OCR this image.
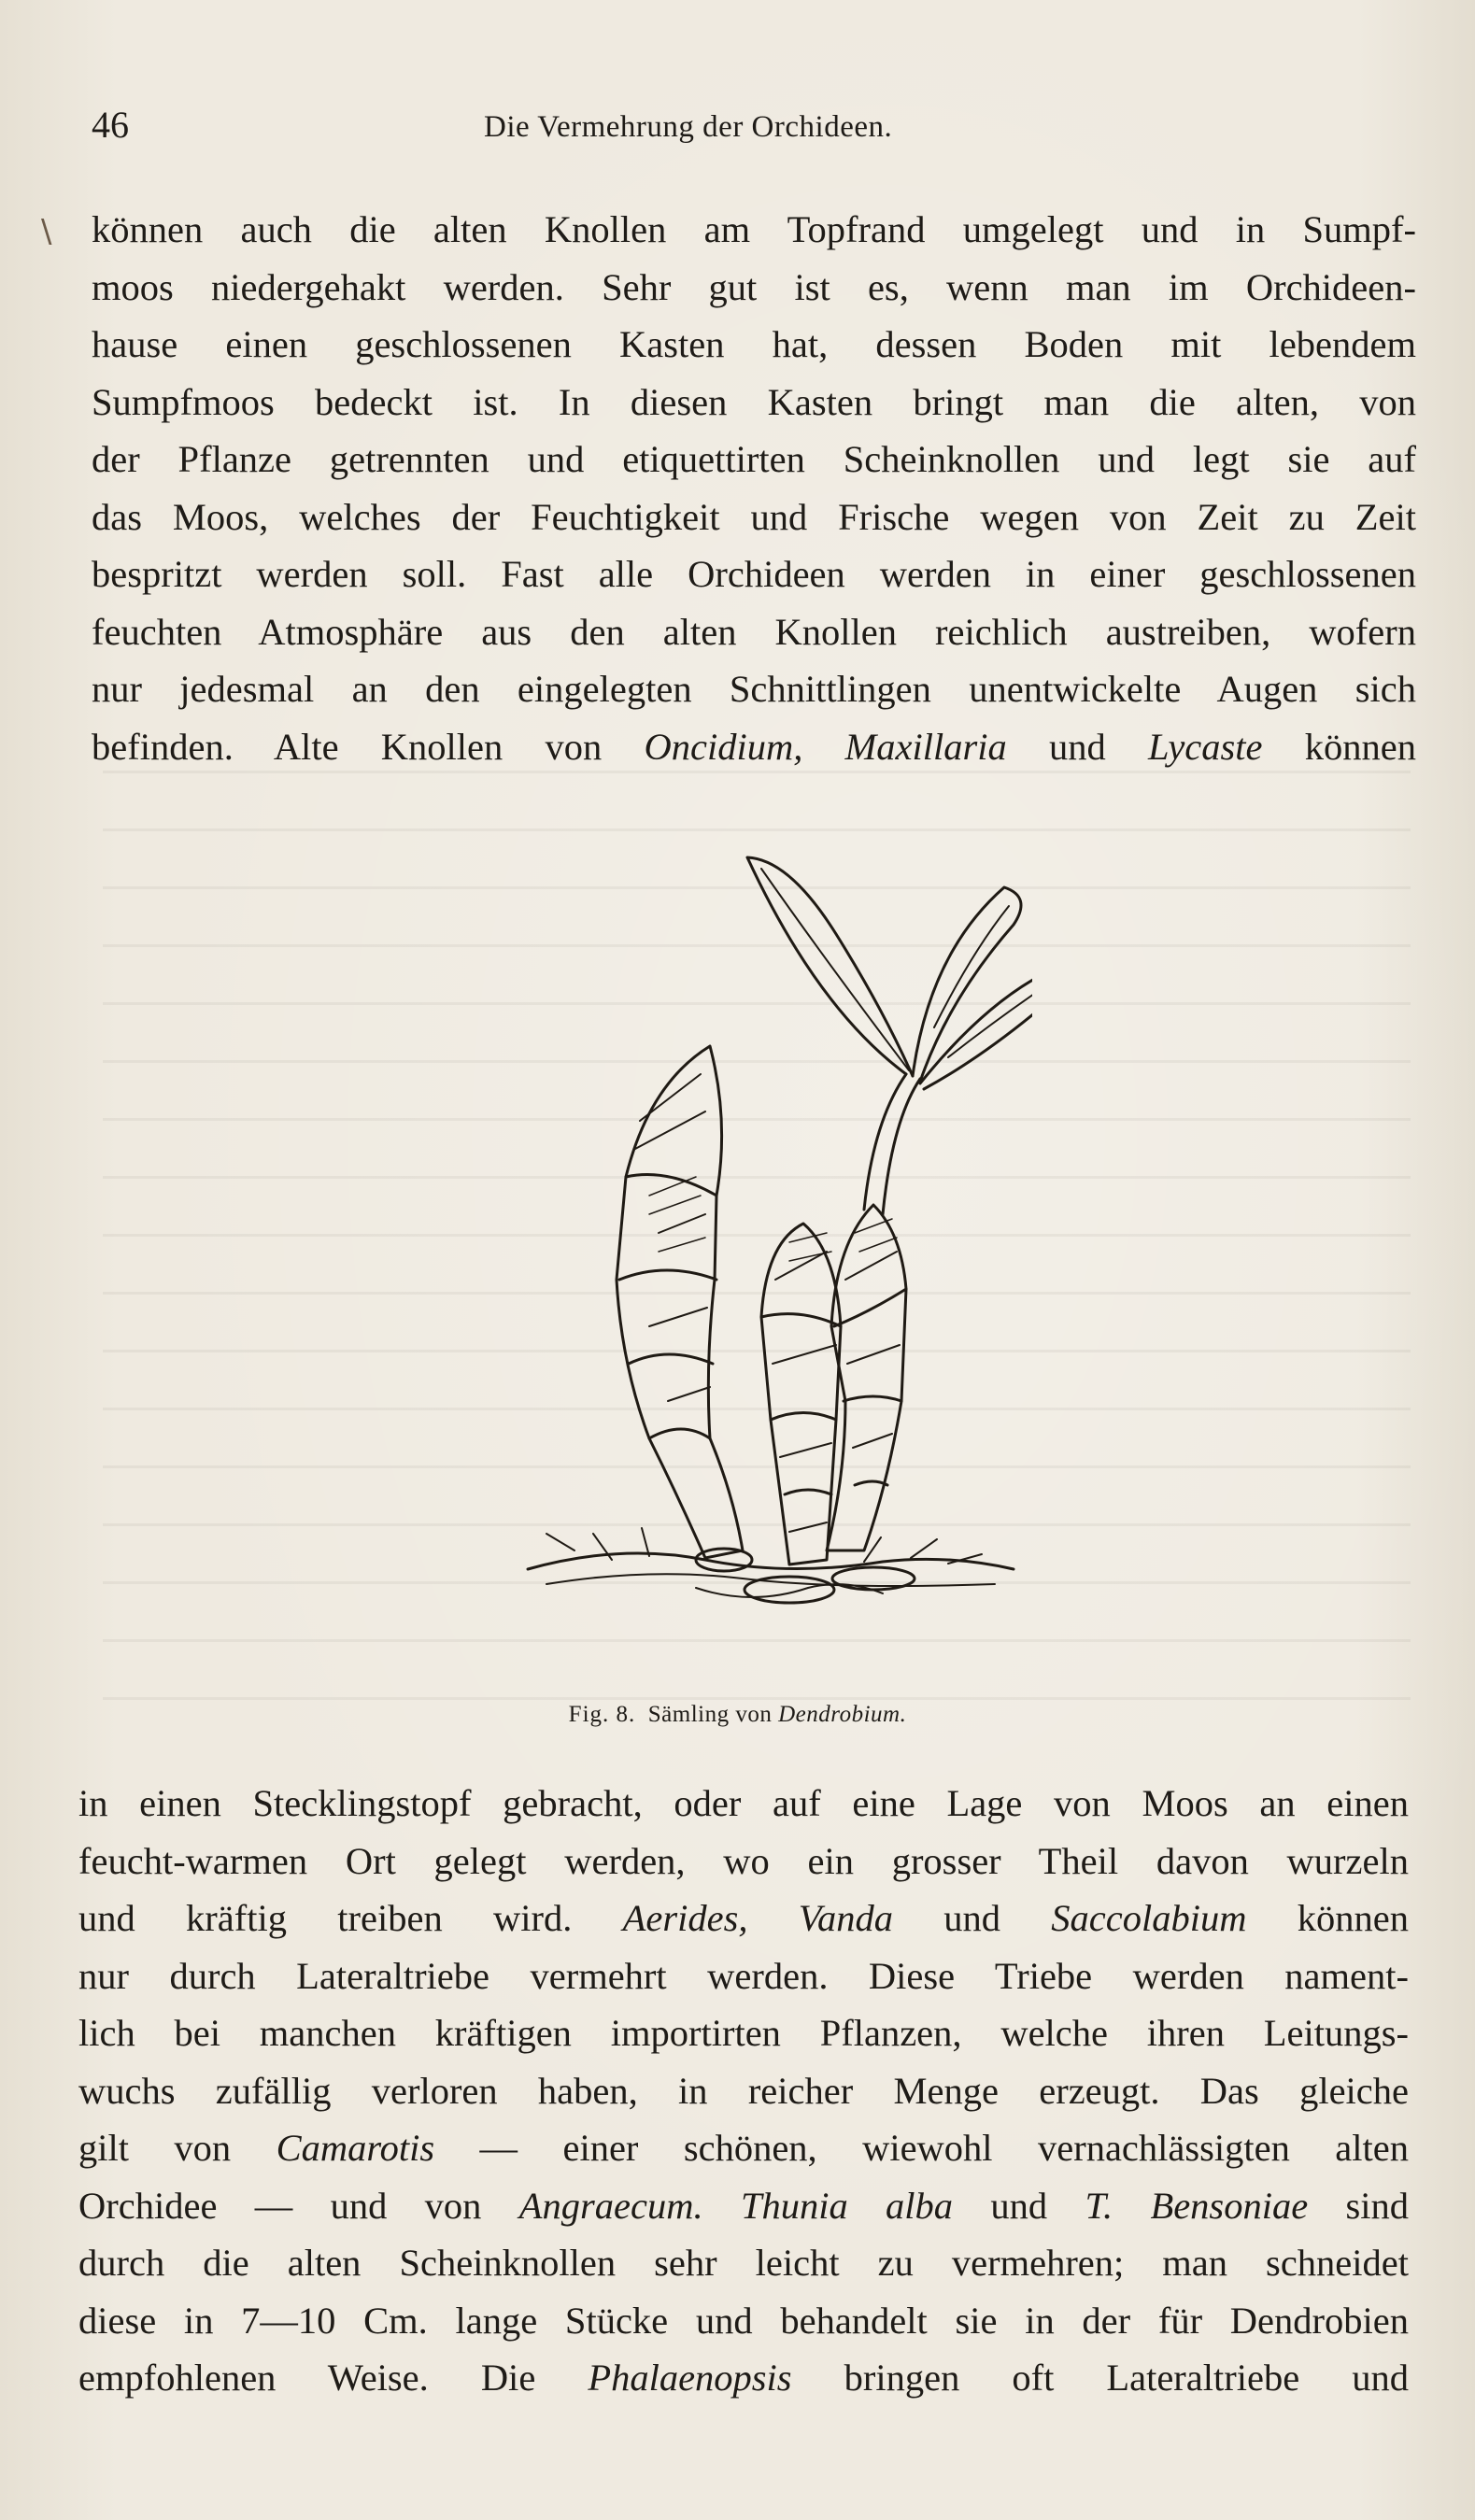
46	Die Vermehrung der Orchideen.
\ können auch die alten Knollen am Topfrand umgelegt und in Sumpf-
moos niedergehakt werden. Sehr gut ist es, wenn man im Orchideen-
hause einen geschlossenen Kasten hat, dessen Boden mit lebendem
Sumpfmoos bedeckt ist. In diesen Kasten bringt man die alten, von
der Pflanze getrennten und etiquettirten Scheinknollen und legt sie auf
das Moos, welches der Feuchtigkeit und Frische wegen von Zeit zu Zeit
bespritzt werden soll. Fast alle Orchideen werden in einer geschlossenen
feuchten Atmosphäre aus den alten Knollen reichlich austreiben, wofern
nur jedesmal an den eingelegten Schnittlingen unentwickelte Augen sich
befinden. Alte Knollen von Oncidium, Maxillaria und Lycaste können
Fig. 8. Sämling von Dendrobium.
in einen Stecklingstopf gebracht, oder auf eine Lage von Moos an einen
feucht-warmen Ort gelegt werden, wo ein grosser Theil davon wurzeln
und kräftig treiben wird. Aerides, Vanda und Saccolabium können
nur durch Lateraltriebe vermehrt werden. Diese Triebe werden nament-
lich bei manchen kräftigen importirten Pflanzen, welche ihren Leitungs-
wuchs zufällig verloren haben, in reicher Menge erzeugt. Das gleiche
gilt von Camarotis — einer schönen, wiewohl vernachlässigten alten
Orchidee — und von Angraecum. Thunia alba und T. Bensoniae sind
durch die alten Scheinknollen sehr leicht zu vermehren; man schneidet
diese in 7—10 Cm. lange Stücke und behandelt sie in der für Dendrobien
empfohlenen Weise. Die Phalaenopsis bringen oft Lateraltriebe und
